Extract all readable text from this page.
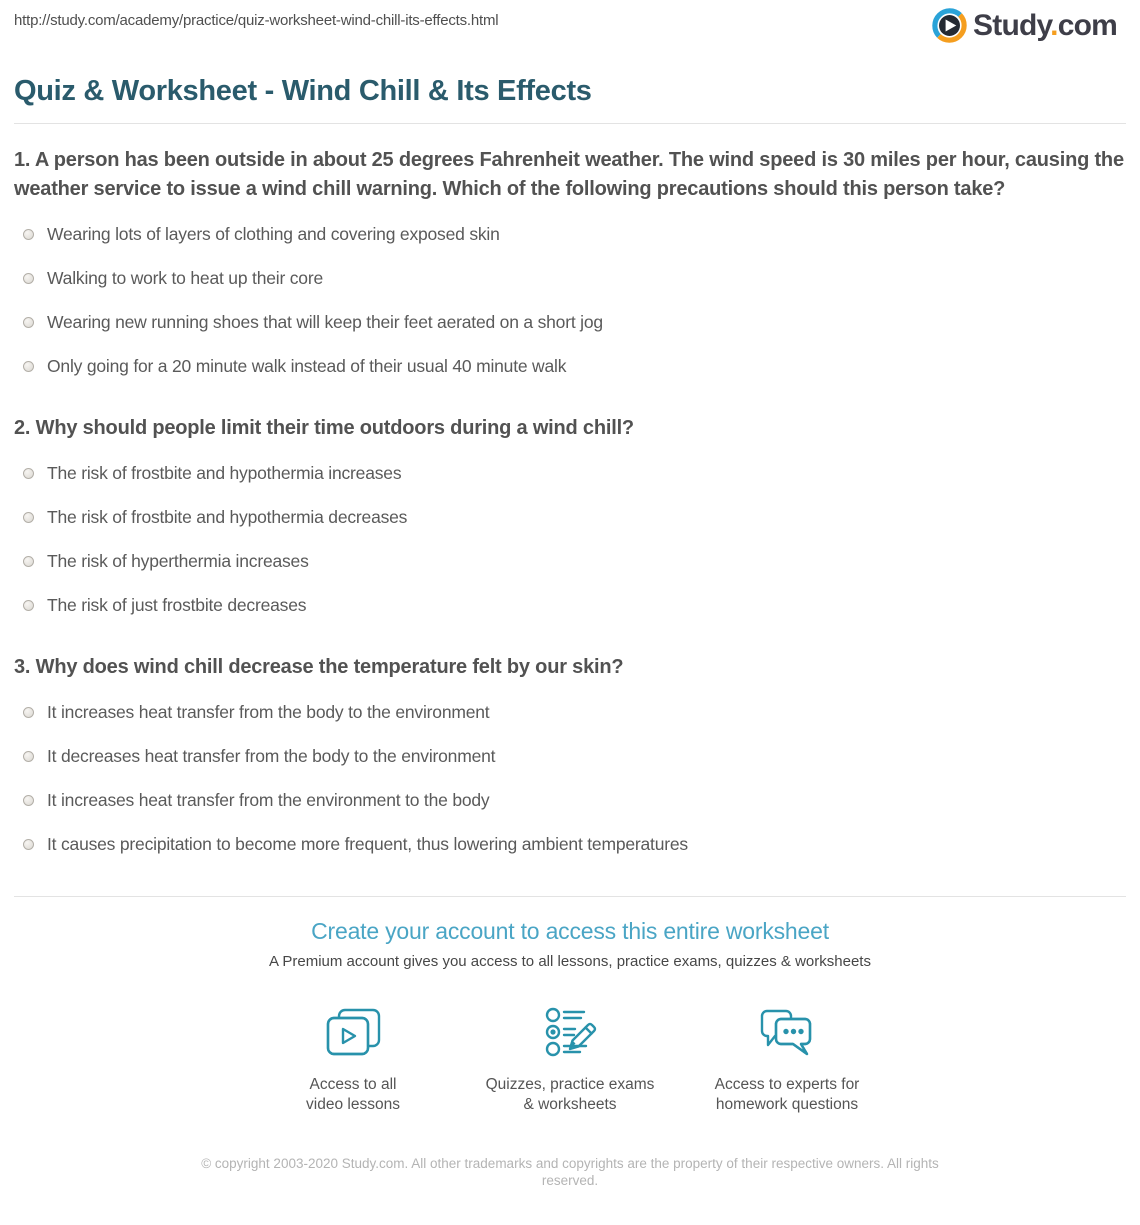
http://study.com/academy/practice/quiz-worksheet-wind-chill-its-effects.html	Study.com
Quiz & Worksheet - Wind Chill & Its Effects
1. A person has been outside in about 25 degrees Fahrenheit weather. The wind speed is 30 miles per hour, causing the weather service to issue a wind chill warning. Which of the following precautions should this person take?
Wearing lots of layers of clothing and covering exposed skin
Walking to work to heat up their core
Wearing new running shoes that will keep their feet aerated on a short jog
Only going for a 20 minute walk instead of their usual 40 minute walk
2. Why should people limit their time outdoors during a wind chill?
The risk of frostbite and hypothermia increases
The risk of frostbite and hypothermia decreases
The risk of hyperthermia increases
The risk of just frostbite decreases
3. Why does wind chill decrease the temperature felt by our skin?
It increases heat transfer from the body to the environment
It decreases heat transfer from the body to the environment
It increases heat transfer from the environment to the body
It causes precipitation to become more frequent, thus lowering ambient temperatures
Create your account to access this entire worksheet
A Premium account gives you access to all lessons, practice exams, quizzes & worksheets
Access to all
video lessons
Quizzes, practice exams
& worksheets
Access to experts for
homework questions
© copyright 2003-2020 Study.com. All other trademarks and copyrights are the property of their respective owners. All rights reserved.
